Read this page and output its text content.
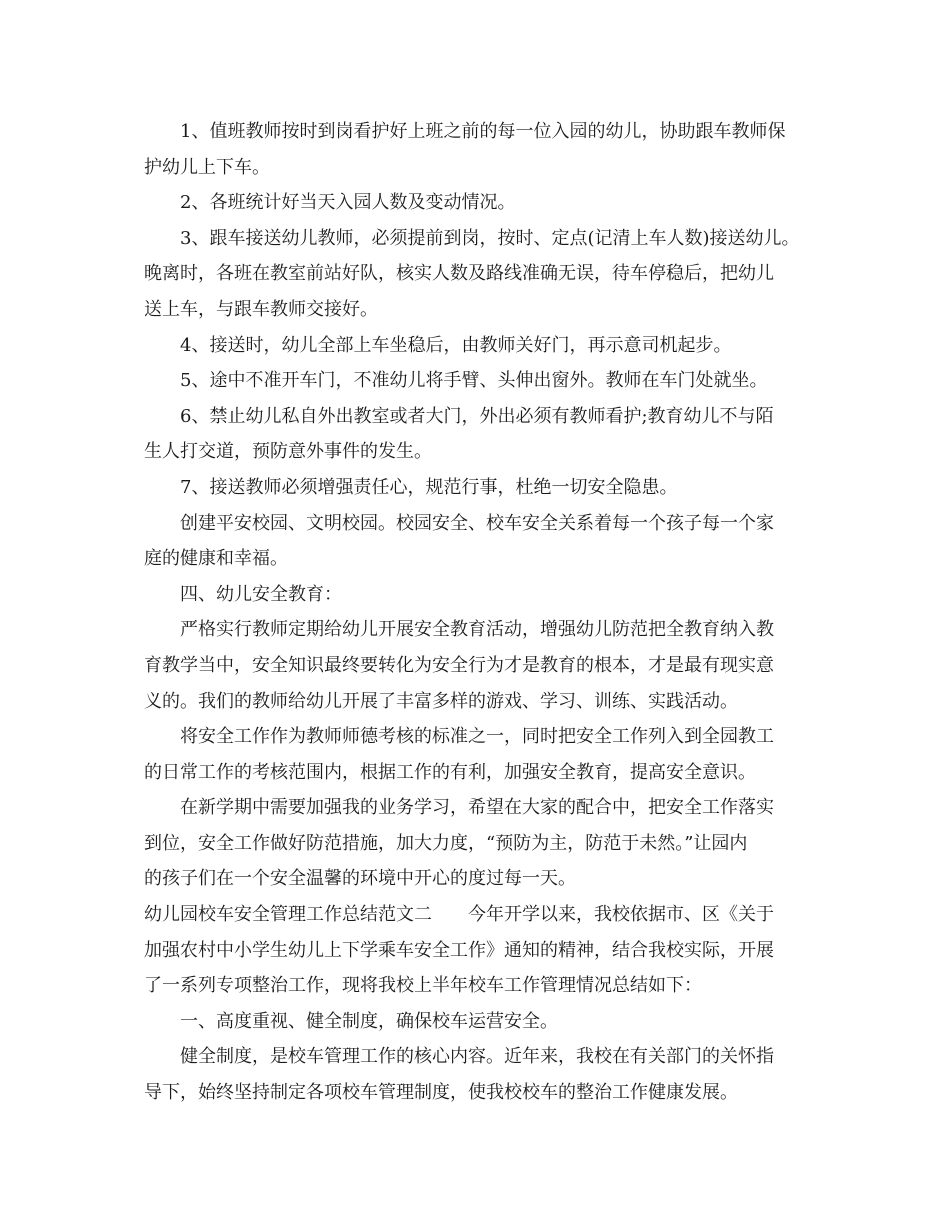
1、值班教师按时到岗看护好上班之前的每一位入园的幼儿，协助跟车教师保
护幼儿上下车。
2、各班统计好当天入园人数及变动情况。
3、跟车接送幼儿教师，必须提前到岗，按时、定点(记清上车人数)接送幼儿。
晚离时，各班在教室前站好队，核实人数及路线准确无误，待车停稳后，把幼儿
送上车，与跟车教师交接好。
4、接送时，幼儿全部上车坐稳后，由教师关好门，再示意司机起步。
5、途中不准开车门，不准幼儿将手臂、头伸出窗外。教师在车门处就坐。
6、禁止幼儿私自外出教室或者大门，外出必须有教师看护;教育幼儿不与陌
生人打交道，预防意外事件的发生。
7、接送教师必须增强责任心，规范行事，杜绝一切安全隐患。
创建平安校园、文明校园。校园安全、校车安全关系着每一个孩子每一个家
庭的健康和幸福。
四、幼儿安全教育：
严格实行教师定期给幼儿开展安全教育活动，增强幼儿防范把全教育纳入教
育教学当中，安全知识最终要转化为安全行为才是教育的根本，才是最有现实意
义的。我们的教师给幼儿开展了丰富多样的游戏、学习、训练、实践活动。
将安全工作作为教师师德考核的标准之一，同时把安全工作列入到全园教工
的日常工作的考核范围内，根据工作的有利，加强安全教育，提高安全意识。
在新学期中需要加强我的业务学习，希望在大家的配合中，把安全工作落实
到位，安全工作做好防范措施，加大力度，“预防为主，防范于未然。”让园内
的孩子们在一个安全温馨的环境中开心的度过每一天。
幼儿园校车安全管理工作总结范文二　　今年开学以来，我校依据市、区《关于
加强农村中小学生幼儿上下学乘车安全工作》通知的精神，结合我校实际，开展
了一系列专项整治工作，现将我校上半年校车工作管理情况总结如下：
一、高度重视、健全制度，确保校车运营安全。
健全制度，是校车管理工作的核心内容。近年来，我校在有关部门的关怀指
导下，始终坚持制定各项校车管理制度，使我校校车的整治工作健康发展。
